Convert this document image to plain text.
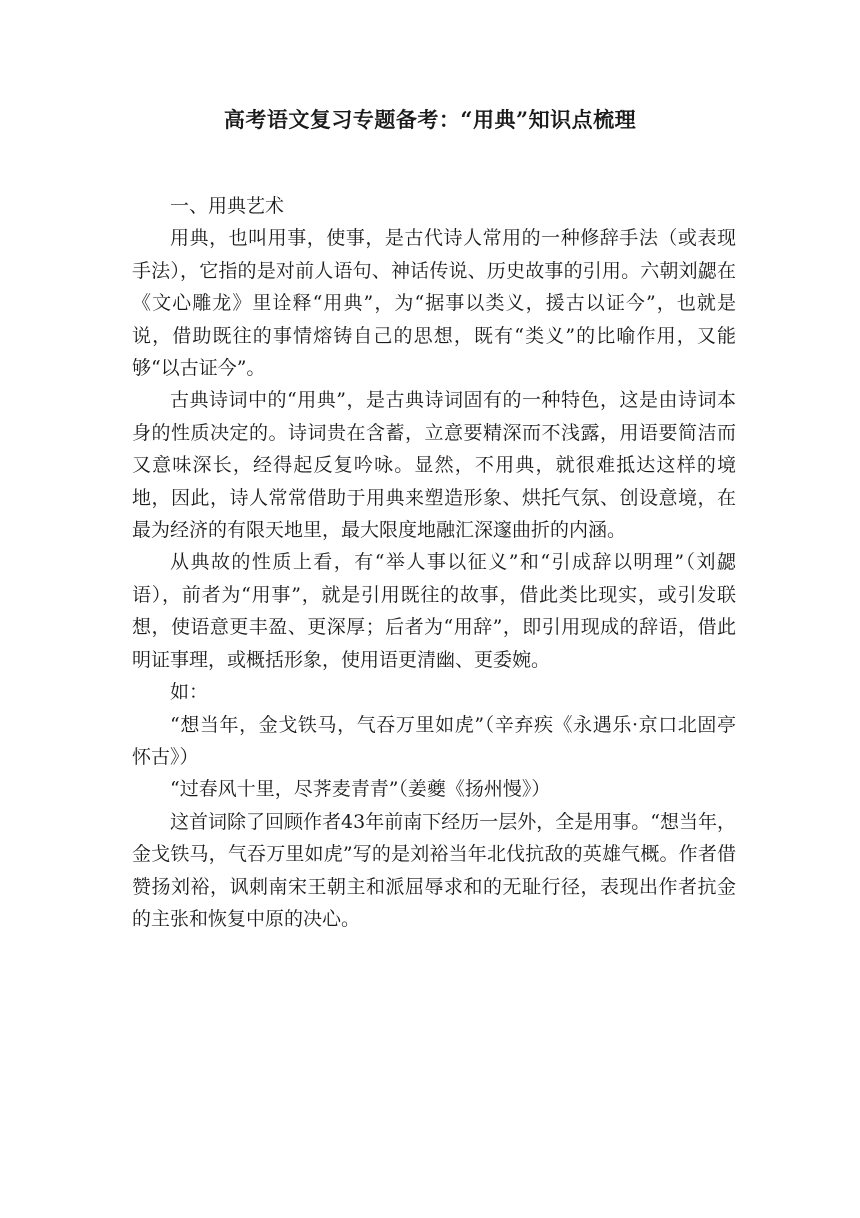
高考语文复习专题备考：“用典”知识点梳理

一、用典艺术

用典，也叫用事，使事，是古代诗人常用的一种修辞手法（或表现手法），它指的是对前人语句、神话传说、历史故事的引用。六朝刘勰在《文心雕龙》里诠释“用典”，为“据事以类义，援古以证今”，也就是说，借助既往的事情熔铸自己的思想，既有“类义”的比喻作用，又能够“以古证今”。

古典诗词中的“用典”，是古典诗词固有的一种特色，这是由诗词本身的性质决定的。诗词贵在含蓄，立意要精深而不浅露，用语要简洁而又意味深长，经得起反复吟咏。显然，不用典，就很难抵达这样的境地，因此，诗人常常借助于用典来塑造形象、烘托气氛、创设意境，在最为经济的有限天地里，最大限度地融汇深邃曲折的内涵。

从典故的性质上看，有“举人事以征义”和“引成辞以明理”（刘勰语），前者为“用事”，就是引用既往的故事，借此类比现实，或引发联想，使语意更丰盈、更深厚；后者为“用辞”，即引用现成的辞语，借此明证事理，或概括形象，使用语更清幽、更委婉。

如：

“想当年，金戈铁马，气吞万里如虎”（辛弃疾《永遇乐·京口北固亭怀古》）

“过春风十里，尽荠麦青青”（姜夔《扬州慢》）

这首词除了回顾作者43年前南下经历一层外，全是用事。“想当年，金戈铁马，气吞万里如虎”写的是刘裕当年北伐抗敌的英雄气概。作者借赞扬刘裕，讽刺南宋王朝主和派屈辱求和的无耻行径，表现出作者抗金的主张和恢复中原的决心。
